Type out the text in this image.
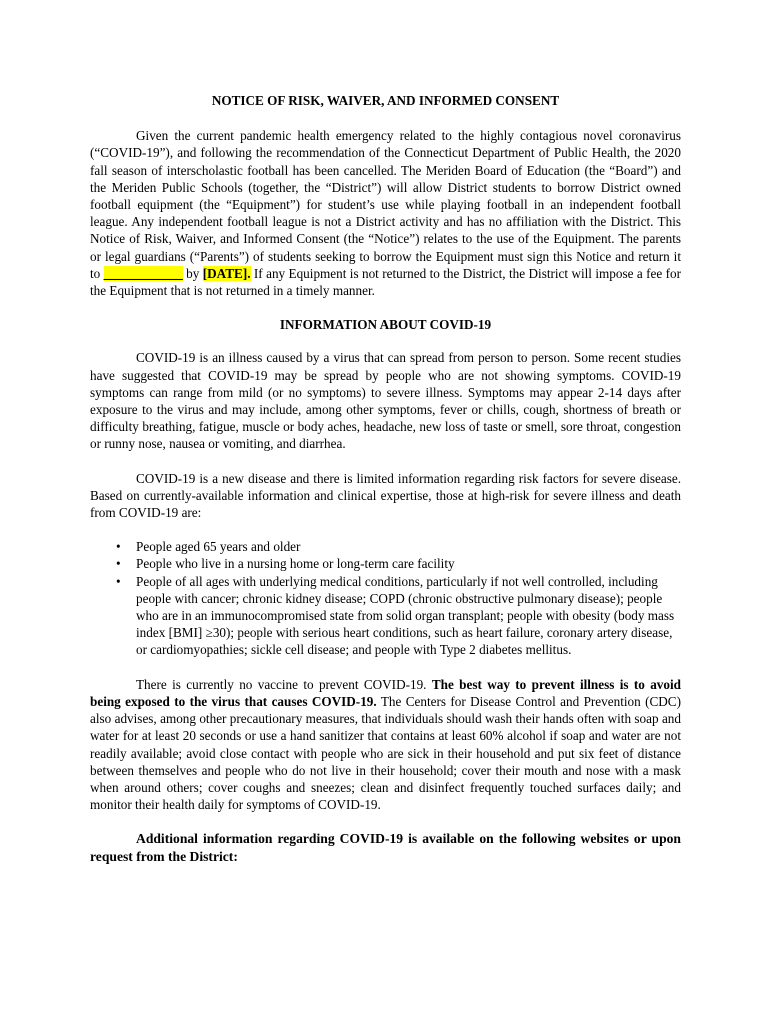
NOTICE OF RISK, WAIVER, AND INFORMED CONSENT

Given the current pandemic health emergency related to the highly contagious novel coronavirus (“COVID-19”), and following the recommendation of the Connecticut Department of Public Health, the 2020 fall season of interscholastic football has been cancelled. The Meriden Board of Education (the “Board”) and the Meriden Public Schools (together, the “District”) will allow District students to borrow District owned football equipment (the “Equipment”) for student’s use while playing football in an independent football league. Any independent football league is not a District activity and has no affiliation with the District. This Notice of Risk, Waiver, and Informed Consent (the “Notice”) relates to the use of the Equipment. The parents or legal guardians (“Parents”) of students seeking to borrow the Equipment must sign this Notice and return it to ____________ by [DATE]. If any Equipment is not returned to the District, the District will impose a fee for the Equipment that is not returned in a timely manner.

INFORMATION ABOUT COVID-19

COVID-19 is an illness caused by a virus that can spread from person to person. Some recent studies have suggested that COVID-19 may be spread by people who are not showing symptoms. COVID-19 symptoms can range from mild (or no symptoms) to severe illness. Symptoms may appear 2-14 days after exposure to the virus and may include, among other symptoms, fever or chills, cough, shortness of breath or difficulty breathing, fatigue, muscle or body aches, headache, new loss of taste or smell, sore throat, congestion or runny nose, nausea or vomiting, and diarrhea.

COVID-19 is a new disease and there is limited information regarding risk factors for severe disease. Based on currently-available information and clinical expertise, those at high-risk for severe illness and death from COVID-19 are:

• People aged 65 years and older
• People who live in a nursing home or long-term care facility
• People of all ages with underlying medical conditions, particularly if not well controlled, including people with cancer; chronic kidney disease; COPD (chronic obstructive pulmonary disease); people who are in an immunocompromised state from solid organ transplant; people with obesity (body mass index [BMI] ≥30); people with serious heart conditions, such as heart failure, coronary artery disease, or cardiomyopathies; sickle cell disease; and people with Type 2 diabetes mellitus.

There is currently no vaccine to prevent COVID-19. The best way to prevent illness is to avoid being exposed to the virus that causes COVID-19. The Centers for Disease Control and Prevention (CDC) also advises, among other precautionary measures, that individuals should wash their hands often with soap and water for at least 20 seconds or use a hand sanitizer that contains at least 60% alcohol if soap and water are not readily available; avoid close contact with people who are sick in their household and put six feet of distance between themselves and people who do not live in their household; cover their mouth and nose with a mask when around others; cover coughs and sneezes; clean and disinfect frequently touched surfaces daily; and monitor their health daily for symptoms of COVID-19.

Additional information regarding COVID-19 is available on the following websites or upon request from the District:
